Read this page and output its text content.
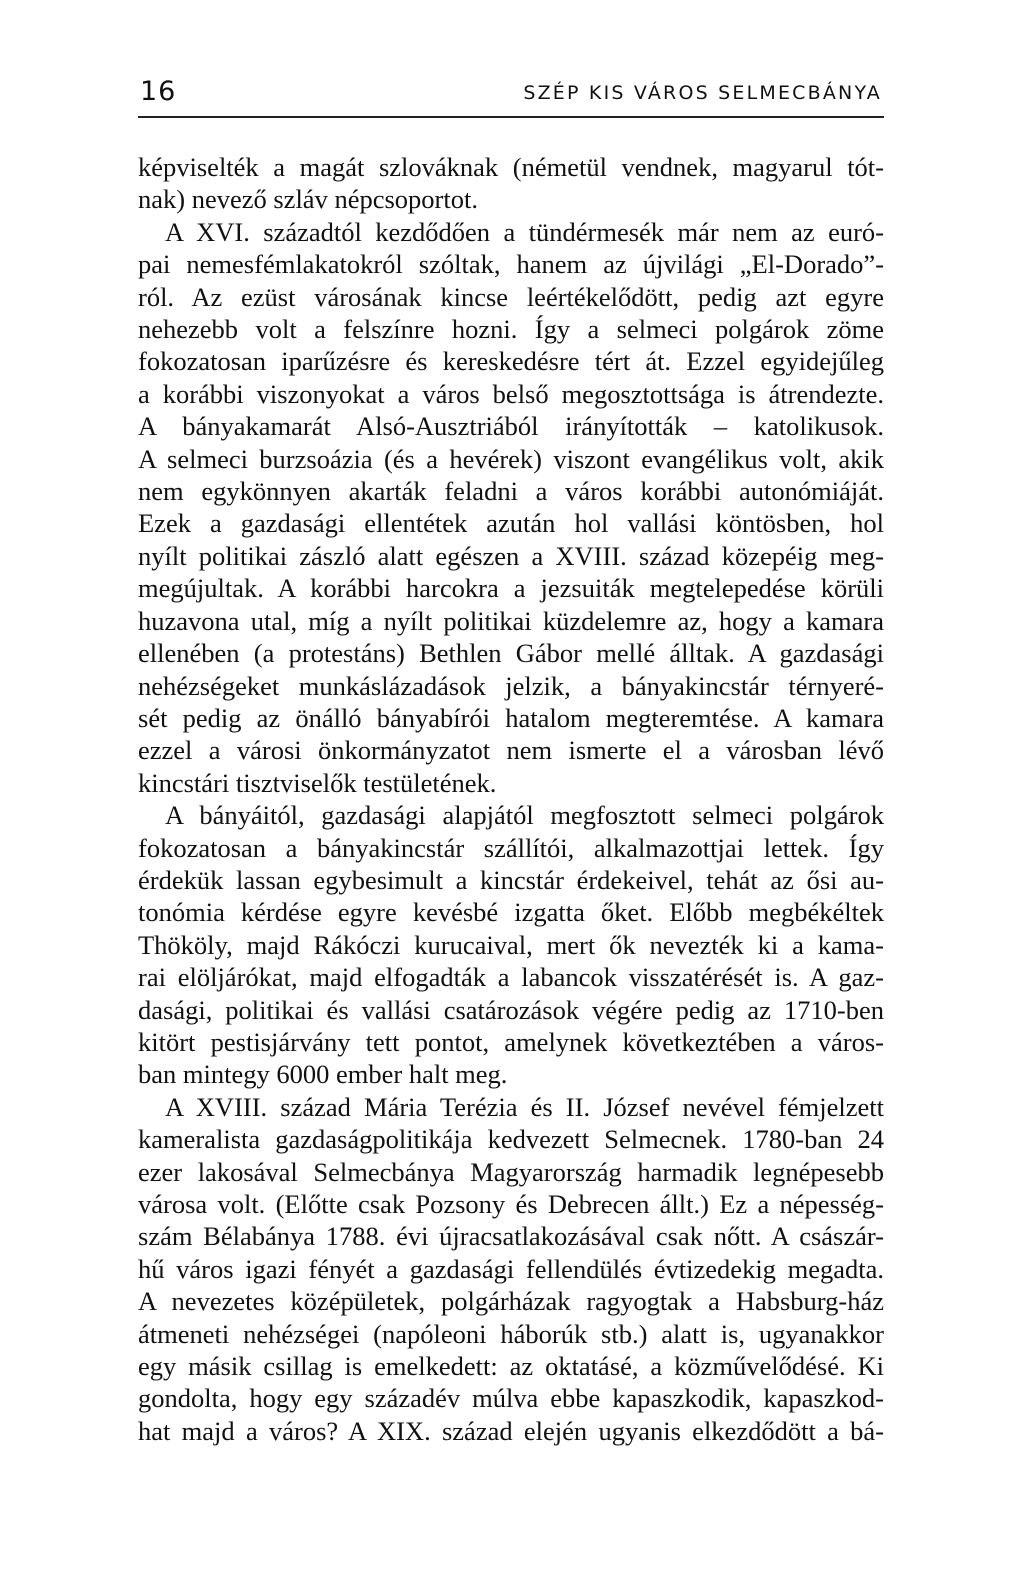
16	SZÉP KIS VÁROS SELMECBÁNYA
képviselték a magát szlováknak (németül vendnek, magyarul tót-
nak) nevező szláv népcsoportot.
A XVI. századtól kezdődően a tündérmesék már nem az euró-
pai nemesfémlakatokról szóltak, hanem az újvilági „El-Dorado”-
ról. Az ezüst városának kincse leértékelődött, pedig azt egyre
nehezebb volt a felszínre hozni. Így a selmeci polgárok zöme
fokozatosan iparűzésre és kereskedésre tért át. Ezzel egyidejűleg
a korábbi viszonyokat a város belső megosztottsága is átrendezte.
A bányakamarát Alsó-Ausztriából irányították – katolikusok.
A selmeci burzsoázia (és a hevérek) viszont evangélikus volt, akik
nem egykönnyen akarták feladni a város korábbi autonómiáját.
Ezek a gazdasági ellentétek azután hol vallási köntösben, hol
nyílt politikai zászló alatt egészen a XVIII. század közepéig meg-
megújultak. A korábbi harcokra a jezsuiták megtelepedése körüli
huzavona utal, míg a nyílt politikai küzdelemre az, hogy a kamara
ellenében (a protestáns) Bethlen Gábor mellé álltak. A gazdasági
nehézségeket munkáslázadások jelzik, a bányakincstár térnyeré-
sét pedig az önálló bányabírói hatalom megteremtése. A kamara
ezzel a városi önkormányzatot nem ismerte el a városban lévő
kincstári tisztviselők testületének.
A bányáitól, gazdasági alapjától megfosztott selmeci polgárok
fokozatosan a bányakincstár szállítói, alkalmazottjai lettek. Így
érdekük lassan egybesimult a kincstár érdekeivel, tehát az ősi au-
tonómia kérdése egyre kevésbé izgatta őket. Előbb megbékéltek
Thököly, majd Rákóczi kurucaival, mert ők nevezték ki a kama-
rai elöljárókat, majd elfogadták a labancok visszatérését is. A gaz-
dasági, politikai és vallási csatározások végére pedig az 1710-ben
kitört pestisjárvány tett pontot, amelynek következtében a város-
ban mintegy 6000 ember halt meg.
A XVIII. század Mária Terézia és II. József nevével fémjelzett
kameralista gazdaságpolitikája kedvezett Selmecnek. 1780-ban 24
ezer lakosával Selmecbánya Magyarország harmadik legnépesebb
városa volt. (Előtte csak Pozsony és Debrecen állt.) Ez a népesség-
szám Bélabánya 1788. évi újracsatlakozásával csak nőtt. A császár-
hű város igazi fényét a gazdasági fellendülés évtizedekig megadta.
A nevezetes középületek, polgárházak ragyogtak a Habsburg-ház
átmeneti nehézségei (napóleoni háborúk stb.) alatt is, ugyanakkor
egy másik csillag is emelkedett: az oktatásé, a közművelődésé. Ki
gondolta, hogy egy századév múlva ebbe kapaszkodik, kapaszkod-
hat majd a város? A XIX. század elején ugyanis elkezdődött a bá-
